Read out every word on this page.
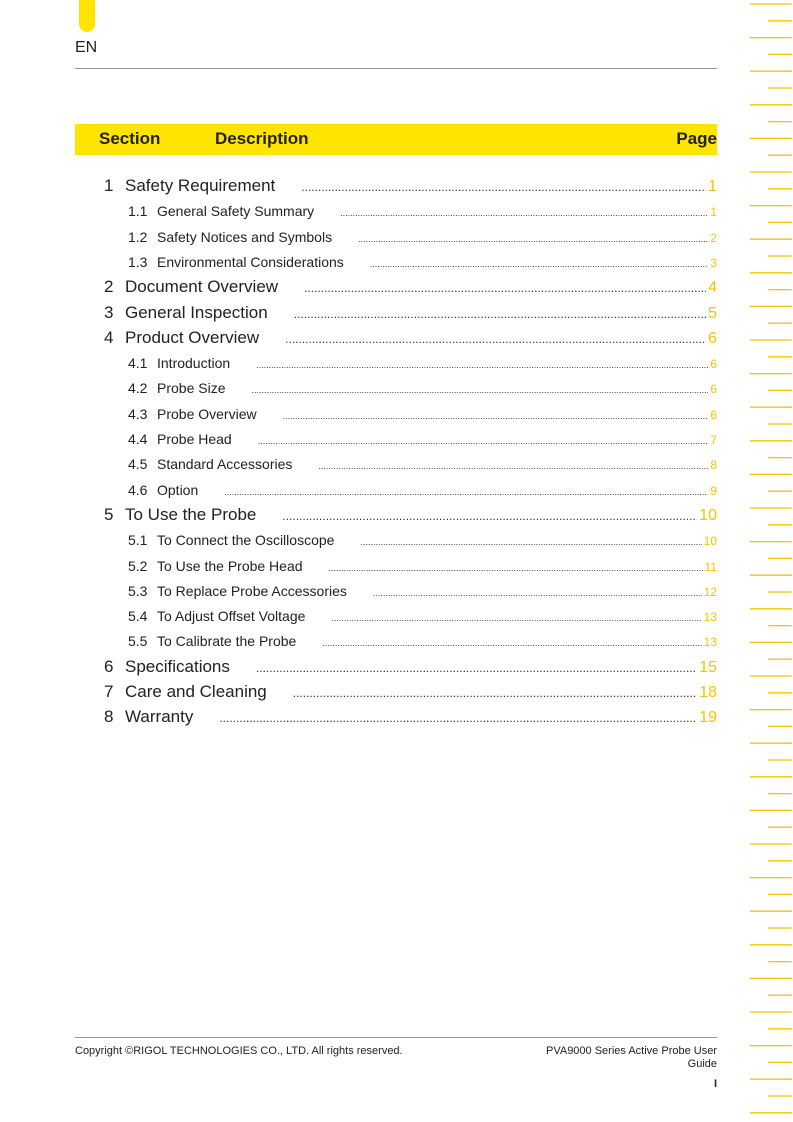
EN
Section	Description	Page
1 Safety Requirement .....	1
1.1 General Safety Summary .....	1
1.2 Safety Notices and Symbols .....	2
1.3 Environmental Considerations .....	3
2 Document Overview .....	4
3 General Inspection .....	5
4 Product Overview .....	6
4.1 Introduction .....	6
4.2 Probe Size .....	6
4.3 Probe Overview .....	6
4.4 Probe Head .....	7
4.5 Standard Accessories .....	8
4.6 Option .....	9
5 To Use the Probe .....	10
5.1 To Connect the Oscilloscope .....	10
5.2 To Use the Probe Head .....	11
5.3 To Replace Probe Accessories .....	12
5.4 To Adjust Offset Voltage .....	13
5.5 To Calibrate the Probe .....	13
6 Specifications .....	15
7 Care and Cleaning .....	18
8 Warranty .....	19
Copyright ©RIGOL TECHNOLOGIES CO., LTD. All rights reserved.	PVA9000 Series Active Probe User
Guide
I
